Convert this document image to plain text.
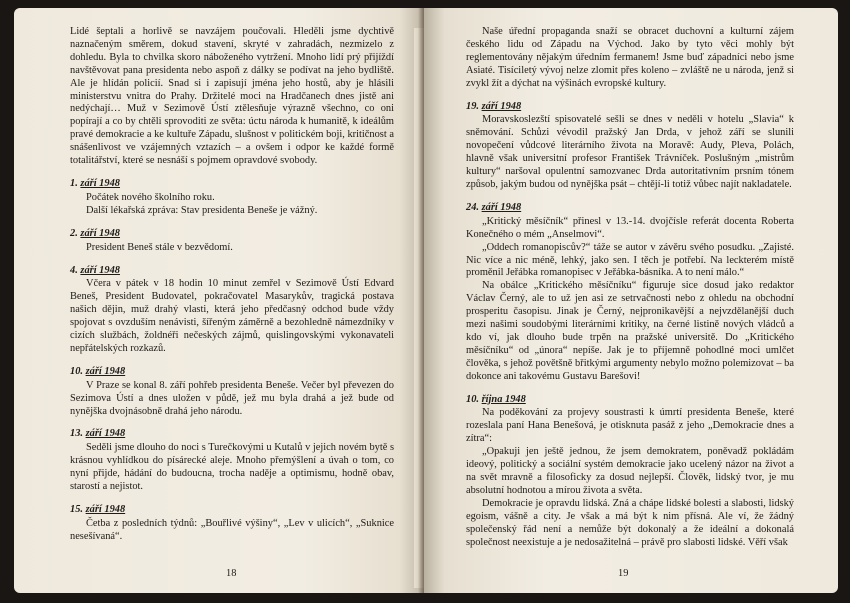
Lidé šeptali a horlivě se navzájem poučovali. Hleděli jsme dychtivě naznačeným směrem, dokud stavení, skryté v zahradách, nezmizelo z dohledu. Byla to chvilka skoro náboženého vytržení. Mnoho lidí prý přijíždí navštěvovat pana presidenta nebo aspoň z dálky se podívat na jeho bydliště. Ale je hlídán policií. Snad si i zapisují jména jeho hostů, aby je hlásili ministerstvu vnitra do Prahy. Držitelé moci na Hradčanech dnes jistě ani nedýchají… Muž v Sezimově Ústí ztělesňuje výrazně všechno, co oni popírají a co by chtěli sprovoditi ze světa: úctu národa k humanitě, k ideálům pravé demokracie a ke kultuře Západu, slušnost v politickém boji, kritičnost a snášenlivost ve vzájemných vztazích – a ovšem i odpor ke každé formě totalitářství, které se nesnáší s pojmem opravdové svobody.

1. září 1948

Počátek nového školního roku.

Další lékařská zpráva: Stav presidenta Beneše je vážný.

2. září 1948

President Beneš stále v bezvědomí.

4. září 1948

Včera v pátek v 18 hodin 10 minut zemřel v Sezimově Ústí Edvard Beneš, President Budovatel, pokračovatel Masarykův, tragická postava našich dějin, muž drahý vlasti, která jeho předčasný odchod bude vždy spojovat s ovzduším nenávisti, šířeným záměrně a bezohledně námezdníky v cizích službách, žoldnéři nečeských zájmů, quislingovskými vykonavateli nepřátelských rozkazů.

10. září 1948

V Praze se konal 8. září pohřeb presidenta Beneše. Večer byl převezen do Sezimova Ústí a dnes uložen v půdě, jež mu byla drahá a jež bude od nynějška dvojnásobně drahá jeho národu.

13. září 1948

Seděli jsme dlouho do noci s Turečkovými u Kutalů v jejich novém bytě s krásnou vyhlídkou do písárecké aleje. Mnoho přemýšlení a úvah o tom, co nyní přijde, hádání do budoucna, trocha naděje a optimismu, hodně obav, starostí a nejistot.

15. září 1948

Četba z posledních týdnů: „Bouřlivé výšiny“, „Lev v ulicích“, „Suknice nesešívaná“.

18

Naše úřední propaganda snaží se obracet duchovní a kulturní zájem českého lidu od Západu na Východ. Jako by tyto věci mohly být reglementovány nějakým úředním fermanem! Jsme buď západníci nebo jsme Asiaté. Tisíciletý vývoj nelze zlomit přes koleno – zvláště ne u národa, jenž si zvykl žít a dýchat na výšinách evropské kultury.

19. září 1948

Moravskoslezští spisovatelé sešli se dnes v neděli v hotelu „Slavia“ k sněmování. Schůzi vévodil pražský Jan Drda, v jehož září se slunili novopečení vůdcové literárního života na Moravě: Audy, Pleva, Polách, hlavně však universitní profesor František Trávníček. Poslušným „mistrům kultury“ naršoval opulentní samozvanec Drda autoritativním prsním tónem způsob, jakým budou od nynějška psát – chtějí-li totiž vůbec najít nakladatele.

24. září 1948

„Kritický měsíčník“ přinesl v 13.-14. dvojčísle referát docenta Roberta Konečného o mém „Anselmovi“.

„Oddech romanopiscův?“ táže se autor v závěru svého posudku. „Zajisté. Nic více a nic méně, lehký, jako sen. I těch je potřebí. Na leckterém místě proměnil Jeřábka romanopisec v Jeřábka-básníka. A to není málo.“

Na obálce „Kritického měsíčníku“ figuruje sice dosud jako redaktor Václav Černý, ale to už jen asi ze setrvačnosti nebo z ohledu na obchodní prosperitu časopisu. Jinak je Černý, nejpronikavější a nejvzdělanější duch mezi našimi soudobými literárními kritiky, na černé listině nových vládců a kdo ví, jak dlouho bude trpěn na pražské universitě. Do „Kritického měsíčníku“ od „února“ nepíše. Jak je to příjemně pohodlné moci umlčet člověka, s jehož povětšně břitkými argumenty nebylo možno polemizovat – ba dokonce ani takovému Gustavu Barešovi!

10. října 1948

Na poděkování za projevy soustrasti k úmrtí presidenta Beneše, které rozeslala paní Hana Benešová, je otisknuta pasáž z jeho „Demokracie dnes a zítra“:

„Opakuji jen ještě jednou, že jsem demokratem, poněvadž pokládám ideový, politický a sociální systém demokracie jako ucelený názor na život a na svět mravně a filosoficky za dosud nejlepší. Člověk, lidský tvor, je mu absolutní hodnotou a mírou života a světa.

Demokracie je opravdu lidská. Zná a chápe lidské bolesti a slabosti, lidský egoism, vášně a city. Je však a má být k nim přísná. Ale ví, že žádný společenský řád není a nemůže být dokonalý a že ideální a dokonalá společnost neexistuje a je nedosažitelná – právě pro slabosti lidské. Věří však

19
